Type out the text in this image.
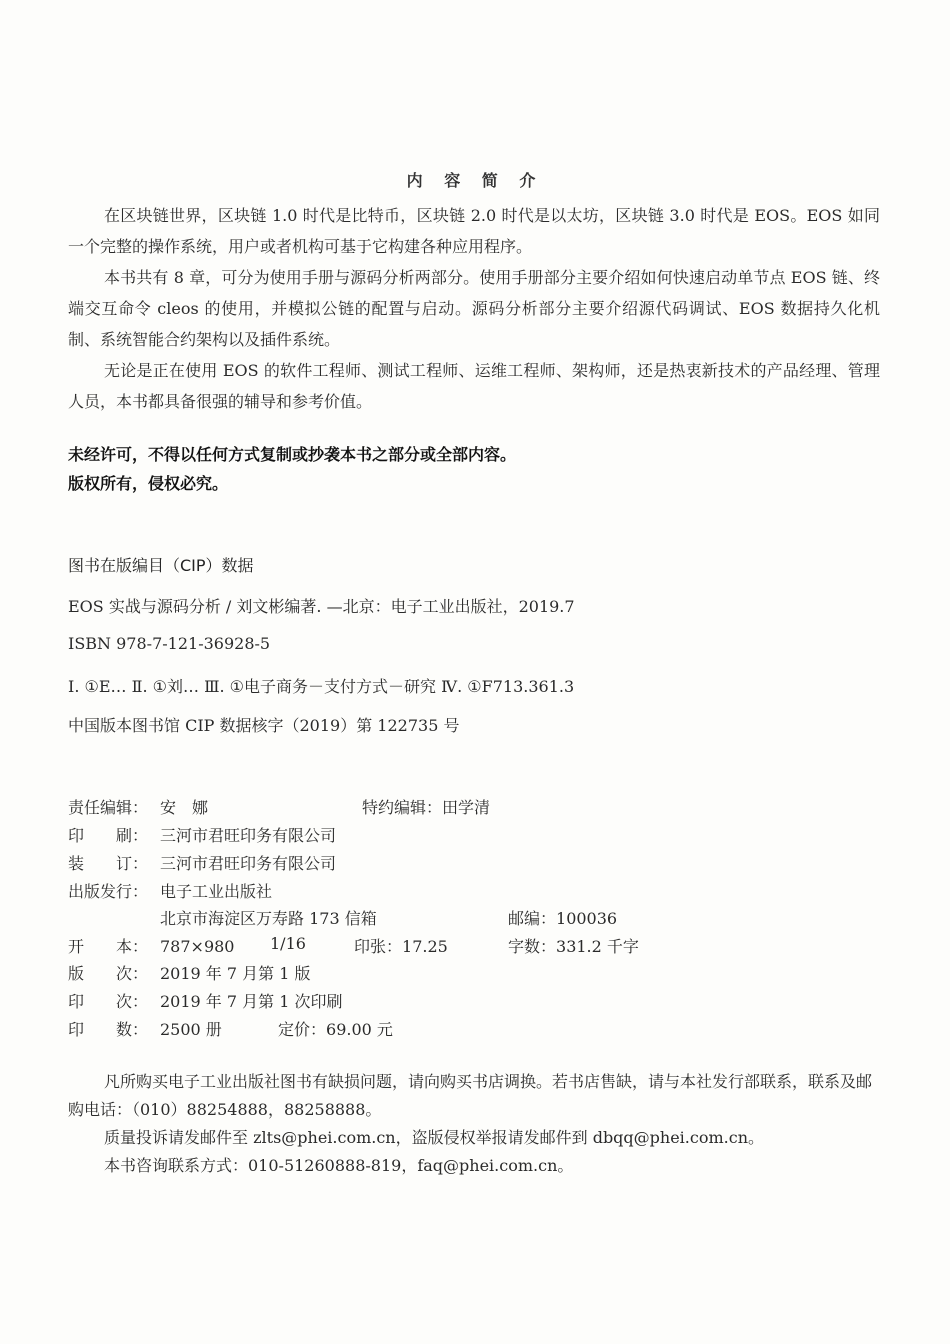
内 容 简 介
在区块链世界，区块链 1.0 时代是比特币，区块链 2.0 时代是以太坊，区块链 3.0 时代是 EOS。EOS 如同一个完整的操作系统，用户或者机构可基于它构建各种应用程序。
本书共有 8 章，可分为使用手册与源码分析两部分。使用手册部分主要介绍如何快速启动单节点 EOS 链、终端交互命令 cleos 的使用，并模拟公链的配置与启动。源码分析部分主要介绍源代码调试、EOS 数据持久化机制、系统智能合约架构以及插件系统。
无论是正在使用 EOS 的软件工程师、测试工程师、运维工程师、架构师，还是热衷新技术的产品经理、管理人员，本书都具备很强的辅导和参考价值。
未经许可，不得以任何方式复制或抄袭本书之部分或全部内容。
版权所有，侵权必究。
图书在版编目（CIP）数据
EOS 实战与源码分析 / 刘文彬编著. —北京：电子工业出版社，2019.7
ISBN 978-7-121-36928-5
Ⅰ. ①E… Ⅱ. ①刘… Ⅲ. ①电子商务－支付方式－研究 Ⅳ. ①F713.361.3
中国版本图书馆 CIP 数据核字（2019）第 122735 号
责任编辑： 安　娜	特约编辑：田学清
印　　刷： 三河市君旺印务有限公司
装　　订： 三河市君旺印务有限公司
出版发行： 电子工业出版社
北京市海淀区万寿路 173 信箱	邮编：100036
开　　本： 787×980 1/16	印张：17.25	字数：331.2 千字
版　　次： 2019 年 7 月第 1 版
印　　次： 2019 年 7 月第 1 次印刷
印　　数： 2500 册	定价：69.00 元
凡所购买电子工业出版社图书有缺损问题，请向购买书店调换。若书店售缺，请与本社发行部联系，联系及邮购电话：（010）88254888，88258888。
质量投诉请发邮件至 zlts@phei.com.cn，盗版侵权举报请发邮件到 dbqq@phei.com.cn。
本书咨询联系方式：010-51260888-819，faq@phei.com.cn。
